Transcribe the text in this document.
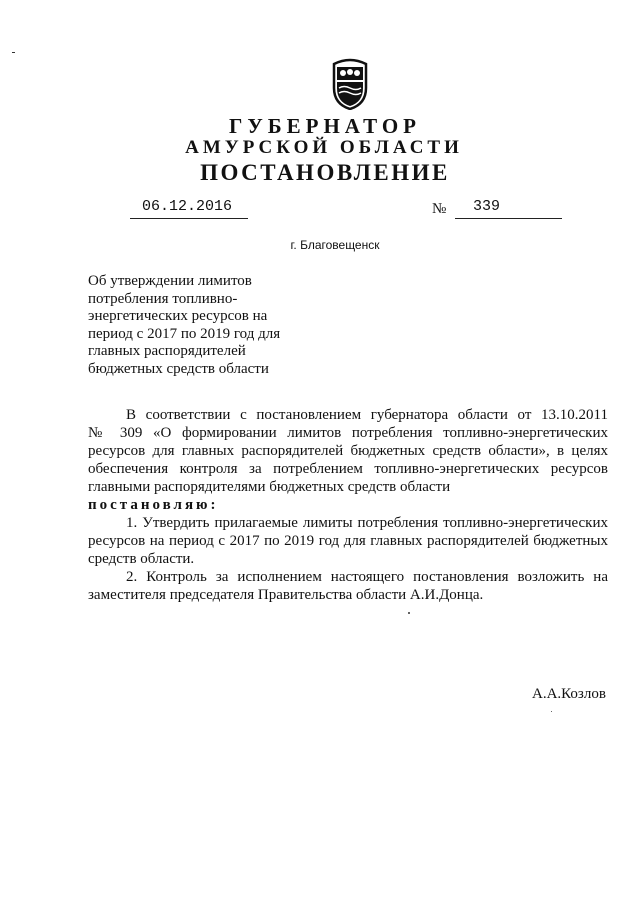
ГУБЕРНАТОР
АМУРСКОЙ ОБЛАСТИ
ПОСТАНОВЛЕНИЕ
06.12.2016	№ 339
г. Благовещенск
Об утверждении лимитов
потребления топливно-
энергетических ресурсов на
период с 2017 по 2019 год для
главных распорядителей
бюджетных средств области
В соответствии с постановлением губернатора области от 13.10.2011
№ 309 «О формировании лимитов потребления топливно-энергетических
ресурсов для главных распорядителей бюджетных средств области», в целях
обеспечения контроля за потреблением топливно-энергетических ресурсов
главными распорядителями бюджетных средств области
постановляю:
1. Утвердить прилагаемые лимиты потребления топливно-энергетических
ресурсов на период с 2017 по 2019 год для главных распорядителей бюджетных
средств области.
2. Контроль за исполнением настоящего постановления возложить на
заместителя председателя Правительства области А.И.Донца.
А.А.Козлов
